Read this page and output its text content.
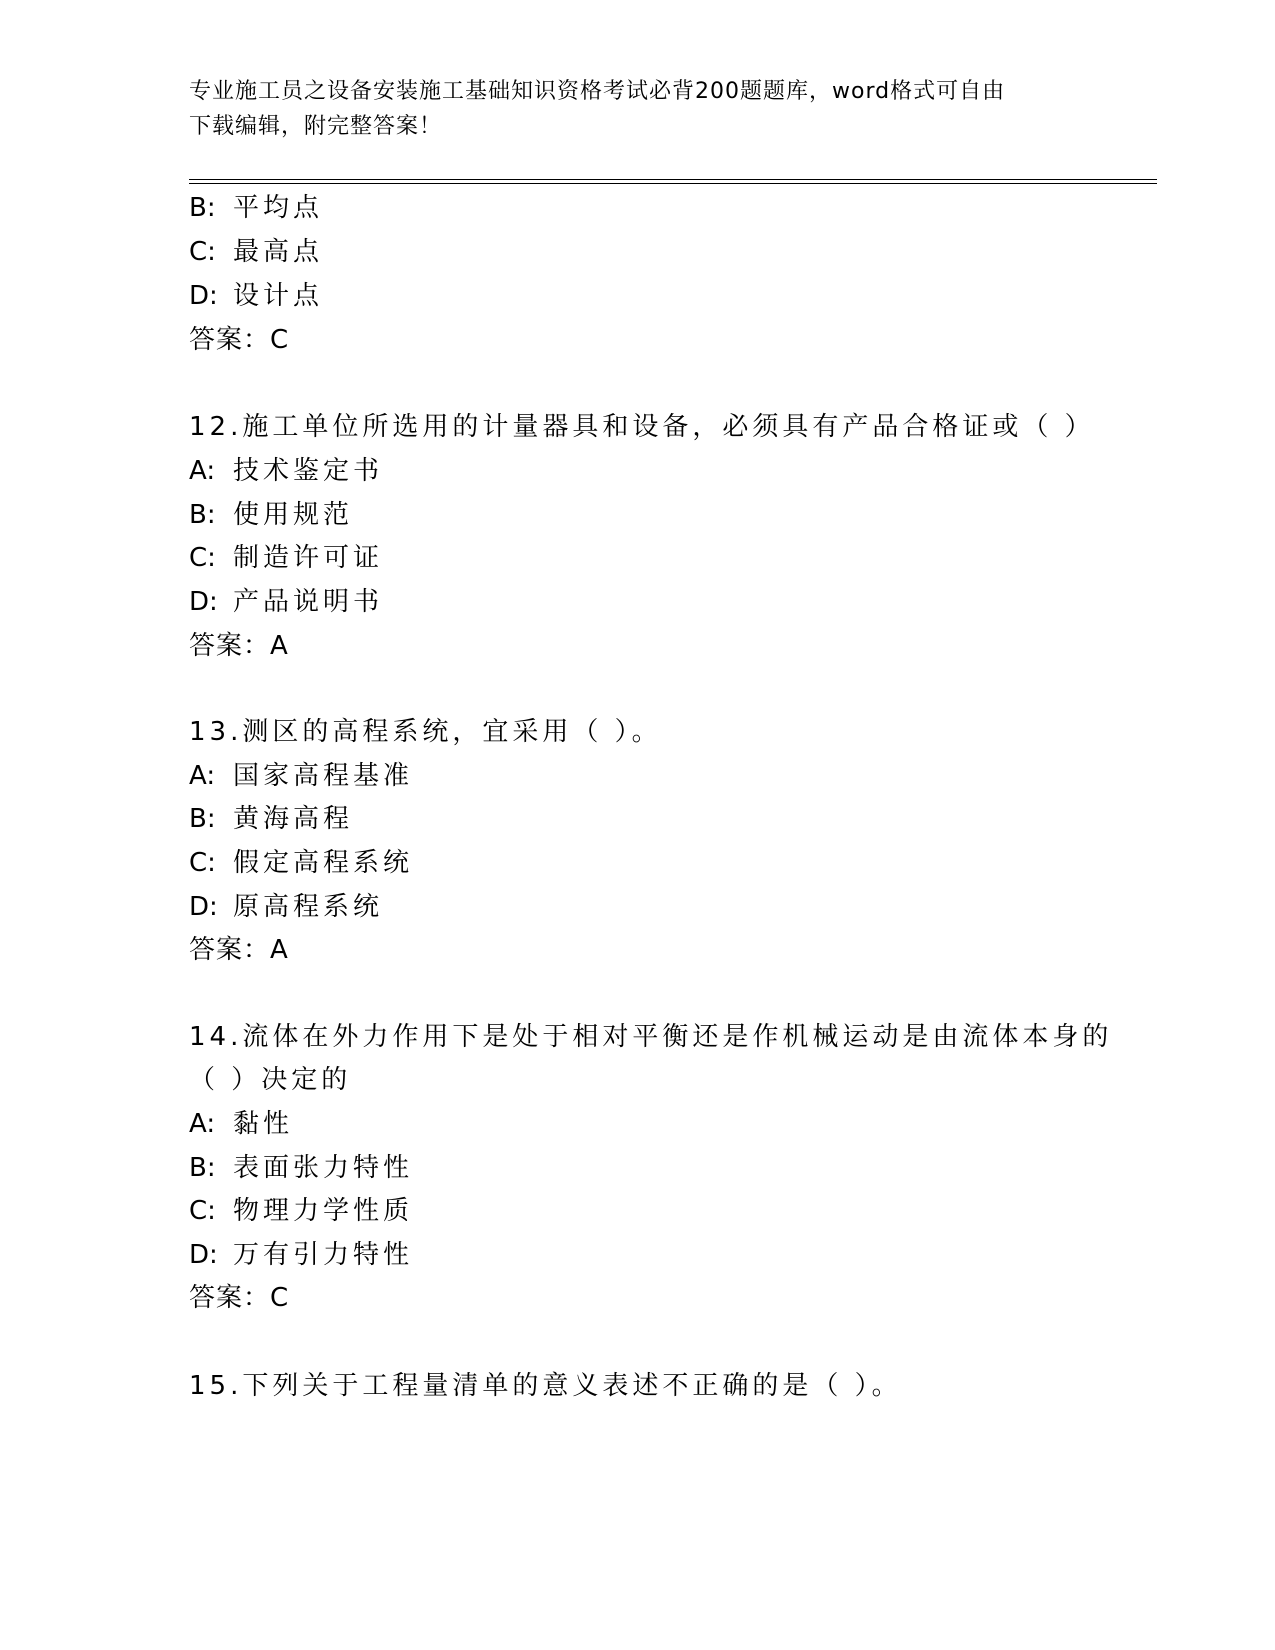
专业施工员之设备安装施工基础知识资格考试必背200题题库，word格式可自由
下载编辑，附完整答案！
B: 平均点
C: 最高点
D: 设计点
答案：C
12.施工单位所选用的计量器具和设备，必须具有产品合格证或（ ）
A: 技术鉴定书
B: 使用规范
C: 制造许可证
D: 产品说明书
答案：A
13.测区的高程系统，宜采用（ ）。
A: 国家高程基准
B: 黄海高程
C: 假定高程系统
D: 原高程系统
答案：A
14.流体在外力作用下是处于相对平衡还是作机械运动是由流体本身的
（ ）决定的
A: 黏性
B: 表面张力特性
C: 物理力学性质
D: 万有引力特性
答案：C
15.下列关于工程量清单的意义表述不正确的是（ ）。
